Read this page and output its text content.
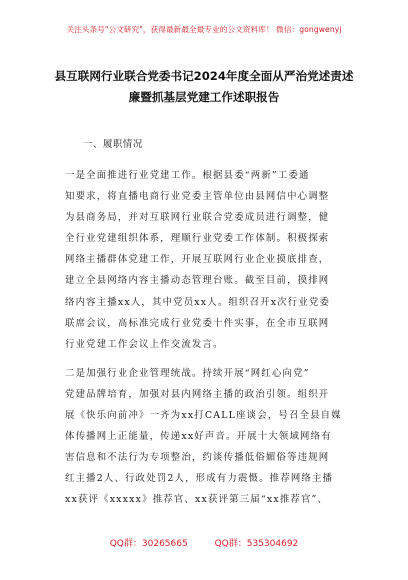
关注头条号"公文研究"，获得最新最全最专业的公文资料库！ 微信：gongwenyj
县互联网行业联合党委书记2024年度全面从严治党述责述
廉暨抓基层党建工作述职报告
一、履职情况

一是全面推进行业党建工作。根据县委“两新”工委通
知要求，将直播电商行业党委主管单位由县网信中心调整
为县商务局，并对互联网行业联合党委成员进行调整，健
全行业党建组织体系，理顺行业党委工作体制。积极探索
网络主播群体党建工作，开展互联网行业企业摸底排查，
建立全县网络内容主播动态管理台账。截至目前，摸排网
络内容主播xx人，其中党员xx人。组织召开x次行业党委
联席会议，高标准完成行业党委十件实事，在全市互联网
行业党建工作会议上作交流发言。

二是加强行业企业管理统战。持续开展“网红心向党”
党建品牌培育，加强对县内网络主播的政治引领。组织开
展《快乐向前冲》一齐为xx打CALL座谈会，号召全县自媒
体传播网上正能量，传递xx好声音。开展十大领域网络有
害信息和不法行为专项整治，约谈传播低俗媚俗等违规网
红主播2人、行政处罚2人，形成有力震慑。推荐网络主播
xx获评《xxxxx》推荐官、xx获评第三届“xx推荐官”、

QQ群：30265665	QQ群：535304692
